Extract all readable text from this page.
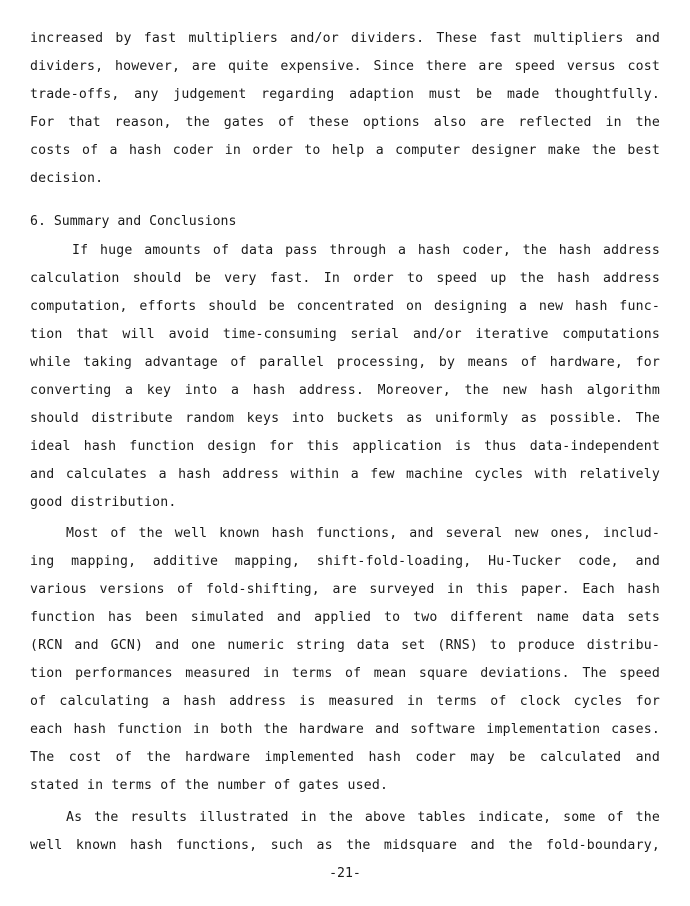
increased by fast multipliers and/or dividers. These fast multipliers and
dividers, however, are quite expensive. Since there are speed versus cost
trade-offs, any judgement regarding adaption must be made thoughtfully.
For that reason, the gates of these options also are reflected in the
costs of a hash coder in order to help a computer designer make the best
decision.
6. Summary and Conclusions
If huge amounts of data pass through a hash coder, the hash address
calculation should be very fast. In order to speed up the hash address
computation, efforts should be concentrated on designing a new hash func-
tion that will avoid time-consuming serial and/or iterative computations
while taking advantage of parallel processing, by means of hardware, for
converting a key into a hash address. Moreover, the new hash algorithm
should distribute random keys into buckets as uniformly as possible. The
ideal hash function design for this application is thus data-independent
and calculates a hash address within a few machine cycles with relatively
good distribution.
Most of the well known hash functions, and several new ones, includ-
ing mapping, additive mapping, shift-fold-loading, Hu-Tucker code, and
various versions of fold-shifting, are surveyed in this paper. Each hash
function has been simulated and applied to two different name data sets
(RCN and GCN) and one numeric string data set (RNS) to produce distribu-
tion performances measured in terms of mean square deviations. The speed
of calculating a hash address is measured in terms of clock cycles for
each hash function in both the hardware and software implementation cases.
The cost of the hardware implemented hash coder may be calculated and
stated in terms of the number of gates used.
As the results illustrated in the above tables indicate, some of the
well known hash functions, such as the midsquare and the fold-boundary,
-21-
